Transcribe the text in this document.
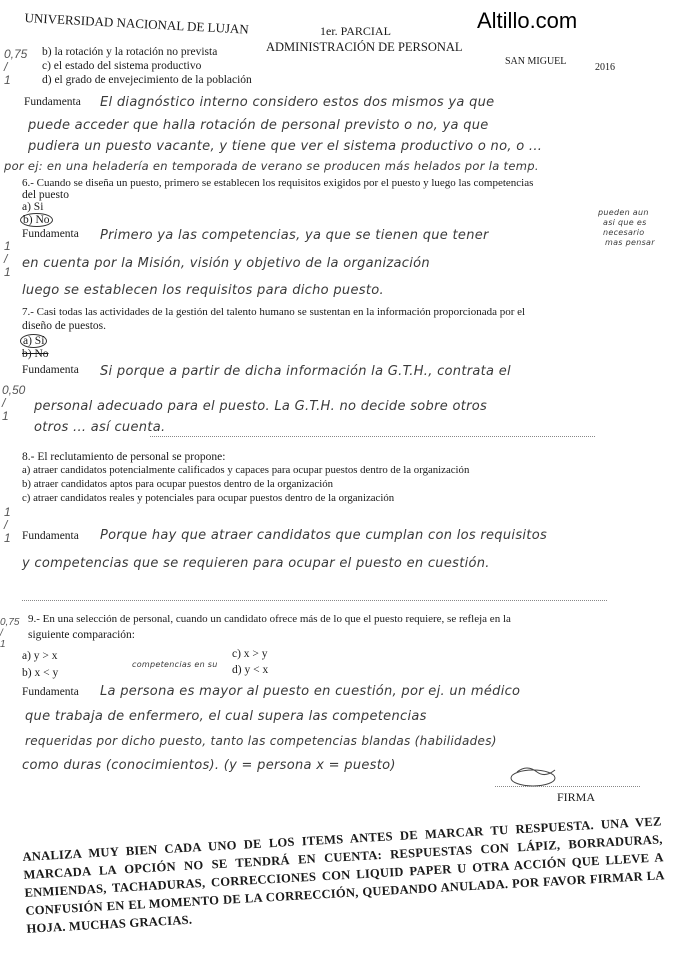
UNIVERSIDAD NACIONAL DE LUJAN	Altillo.com
1er. PARCIAL
ADMINISTRACIÓN DE PERSONAL
SAN MIGUEL
2016
0,75
/
1
b) la rotación y la rotación no prevista
c) el estado del sistema productivo
d) el grado de envejecimiento de la población
Fundamenta El diagnóstico interno considero estos dos mismos ya que
puede acceder que halla rotación de personal previsto o no, ya que
pudiera un puesto vacante, y tiene que ver el sistema productivo o no, o ...
por ej: en una heladería en temporada de verano se producen más helados por la temp.
6.- Cuando se diseña un puesto, primero se establecen los requisitos exigidos por el puesto y luego las competencias
del puesto
a) Si
b) No
1
/
1
Fundamenta Primero ya las competencias, ya que se tienen que tener
en cuenta por la Misión, visión y objetivo de la organización
luego se establecen los requisitos para dicho puesto.
pueden aun
asi que es
necesario
mas pensar
7.- Casi todas las actividades de la gestión del talento humano se sustentan en la información proporcionada por el
diseño de puestos.
a) Sí
b) No
Fundamenta Si porque a partir de dicha información la G.T.H., contrata el
personal adecuado para el puesto. La G.T.H. no decide sobre otros
otros ... así cuenta.
0,50
/
1
8.- El reclutamiento de personal se propone:
a) atraer candidatos potencialmente calificados y capaces para ocupar puestos dentro de la organización
b) atraer candidatos aptos para ocupar puestos dentro de la organización
c) atraer candidatos reales y potenciales para ocupar puestos dentro de la organización
1
/
1 Fundamenta Porque hay que atraer candidatos que cumplan con los requisitos
y competencias que se requieren para ocupar el puesto en cuestión.
0,75
/
1
9.- En una selección de personal, cuando un candidato ofrece más de lo que el puesto requiere, se refleja en la
siguiente comparación:
a) y > x
b) x < y
c) x > y
d) y < x
competencias en su
Fundamenta La persona es mayor al puesto en cuestión, por ej. un médico
que trabaja de enfermero, el cual supera las competencias
requeridas por dicho puesto, tanto las competencias blandas (habilidades)
como duras (conocimientos). (y = persona x = puesto)
FIRMA
ANALIZA MUY BIEN CADA UNO DE LOS ITEMS ANTES DE MARCAR TU RESPUESTA. UNA VEZ MARCADA LA OPCIÓN NO SE TENDRÁ EN CUENTA: RESPUESTAS CON LÁPIZ, BORRADURAS, ENMIENDAS, TACHADURAS, CORRECCIONES CON LIQUID PAPER U OTRA ACCIÓN QUE LLEVE A CONFUSIÓN EN EL MOMENTO DE LA CORRECCIÓN, QUEDANDO ANULADA. POR FAVOR FIRMAR LA HOJA. MUCHAS GRACIAS.
